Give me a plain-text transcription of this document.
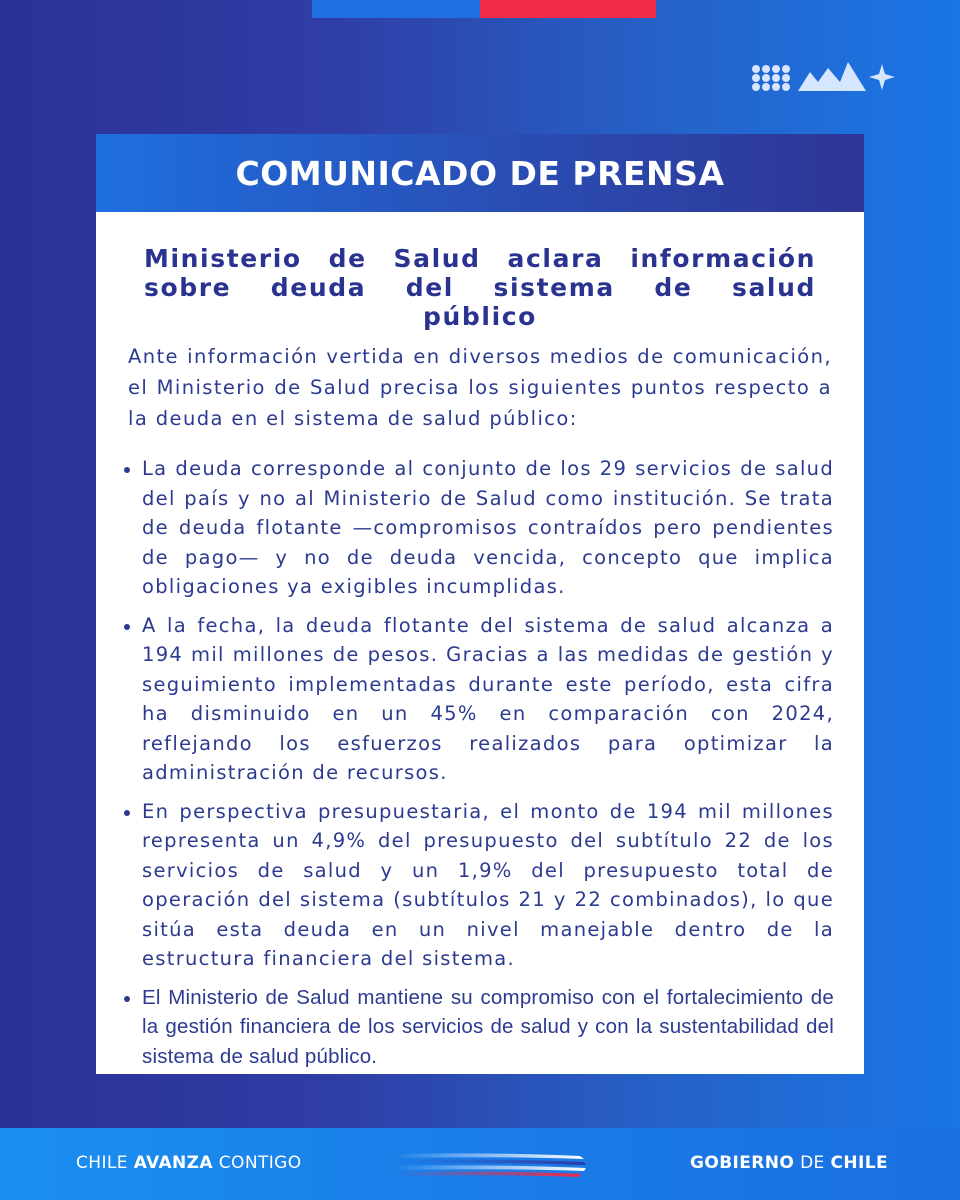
COMUNICADO DE PRENSA
Ministerio de Salud aclara información sobre deuda del sistema de salud público

Ante información vertida en diversos medios de comunicación, el Ministerio de Salud precisa los siguientes puntos respecto a la deuda en el sistema de salud público:

La deuda corresponde al conjunto de los 29 servicios de salud del país y no al Ministerio de Salud como institución. Se trata de deuda flotante —compromisos contraídos pero pendientes de pago— y no de deuda vencida, concepto que implica obligaciones ya exigibles incumplidas.
A la fecha, la deuda flotante del sistema de salud alcanza a 194 mil millones de pesos. Gracias a las medidas de gestión y seguimiento implementadas durante este período, esta cifra ha disminuido en un 45% en comparación con 2024, reflejando los esfuerzos realizados para optimizar la administración de recursos.
En perspectiva presupuestaria, el monto de 194 mil millones representa un 4,9% del presupuesto del subtítulo 22 de los servicios de salud y un 1,9% del presupuesto total de operación del sistema (subtítulos 21 y 22 combinados), lo que sitúa esta deuda en un nivel manejable dentro de la estructura financiera del sistema.
El Ministerio de Salud mantiene su compromiso con el fortalecimiento de la gestión financiera de los servicios de salud y con la sustentabilidad del sistema de salud público.
CHILE AVANZA CONTIGO	GOBIERNO DE CHILE
